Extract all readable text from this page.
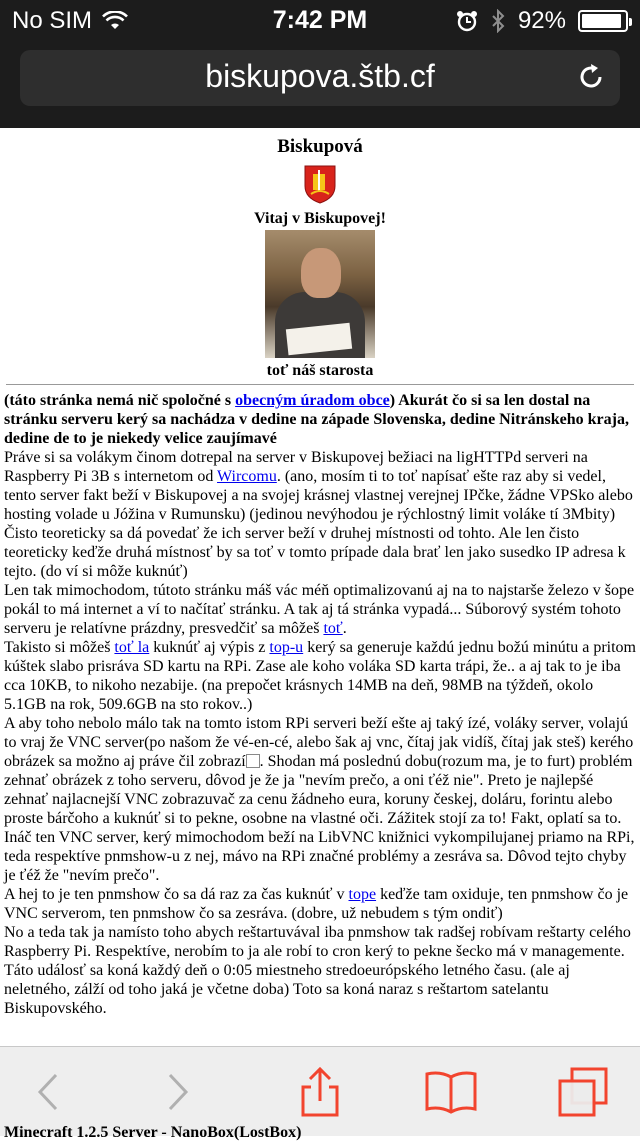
No SIM	7:42 PM	92%
biskupova.štb.cf
Biskupová
Vitaj v Biskupovej!
toť náš starosta

(táto stránka nemá nič spoločné s obecným úradom obce) Akurát čo si sa len dostal na stránku serveru kerý sa nachádza v dedine na západe Slovenska, dedine Nitránskeho kraja, dedine de to je niekedy velice zaujímavé

Práve si sa volákym činom dotrepal na server v Biskupovej bežiaci na ligHTTPd serveri na Raspberry Pi 3B s internetom od Wircomu. (ano, mosím ti to toť napísať ešte raz aby si vedel, tento server fakt beží v Biskupovej a na svojej krásnej vlastnej verejnej IPčke, žádne VPSko alebo hosting volade u Jóžina v Rumunsku) (jedinou nevýhodou je rýchlostný limit voláke tí 3Mbity)

Čisto teoreticky sa dá povedať že ich server beží v druhej místnosti od tohto. Ale len čisto teoreticky keďže druhá místnosť by sa toť v tomto prípade dala brať len jako susedko IP adresa k tejto. (do ví si môže kuknúť)

Len tak mimochodom, tútoto stránku máš vác méň optimalizovanú aj na to najstarše železo v šope pokál to má internet a ví to načítať stránku. A tak aj tá stránka vypadá... Súborový systém tohoto serveru je relatívne prázdny, presvedčiť sa môžeš toť.

Takisto si môžeš toť la kuknúť aj výpis z top-u kerý sa generuje každú jednu božú minútu a pritom kúštek slabo prisráva SD kartu na RPi. Zase ale koho voláka SD karta trápi, že.. a aj tak to je iba cca 10KB, to nikoho nezabije. (na prepočet krásnych 14MB na deň, 98MB na týždeň, okolo 5.1GB na rok, 509.6GB na sto rokov..)

A aby toho nebolo málo tak na tomto istom RPi serveri beží ešte aj taký ízé, voláky server, volajú to vraj že VNC server(po našom že vé-en-cé, alebo šak aj vnc, čítaj jak vidíš, čítaj jak steš) kerého obrázek sa možno aj práve čil zobrazí . Shodan má poslednú dobu(rozum ma, je to furt) problém zehnať obrázek z toho serveru, dôvod je že ja "nevím prečo, a oni ťéž nie". Preto je najlepšé zehnať najlacnejší VNC zobrazuvač za cenu žádneho eura, koruny českej, doláru, forintu alebo proste bárčoho a kuknúť si to pekne, osobne na vlastné oči. Zážitek stojí za to! Fakt, oplatí sa to. Ináč ten VNC server, kerý mimochodom beží na LibVNC knižnici vykompilujanej priamo na RPi, teda respektíve pnmshow-u z nej, mávo na RPi značné problémy a zesráva sa. Dôvod tejto chyby je ťéž že "nevím prečo".

A hej to je ten pnmshow čo sa dá raz za čas kuknúť v tope keďže tam oxiduje, ten pnmshow čo je VNC serverom, ten pnmshow čo sa zesráva. (dobre, už nebudem s tým ondiť)

No a teda tak ja namísto toho abych reštartuvával iba pnmshow tak radšej robívam reštarty celého Raspberry Pi. Respektíve, nerobím to ja ale robí to cron kerý to pekne šecko má v managemente. Táto událosť sa koná každý deň o 0:05 miestneho stredoeurópského letného času. (ale aj neletného, zálží od toho jaká je včetne doba) Toto sa koná naraz s reštartom satelantu Biskupovského.

Minecraft 1.2.5 Server - NanoBox(LostBox)
